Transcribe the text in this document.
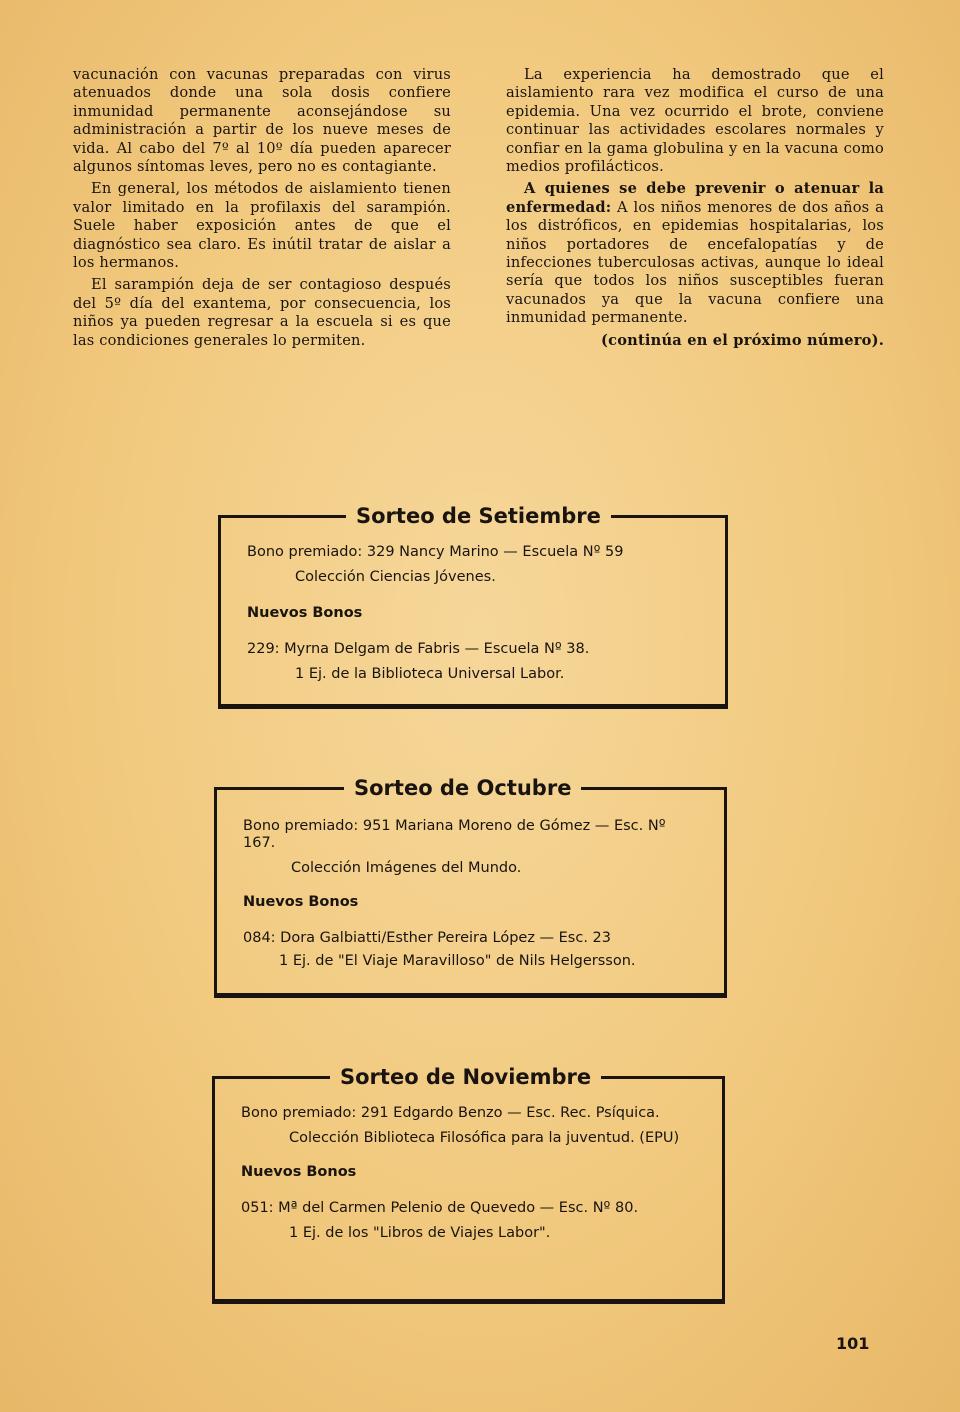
vacunación con vacunas preparadas con virus atenuados donde una sola dosis confiere inmunidad permanente aconsejándose su administración a partir de los nueve meses de vida. Al cabo del 7º al 10º día pueden aparecer algunos síntomas leves, pero no es contagiante.

En general, los métodos de aislamiento tienen valor limitado en la profilaxis del sarampión. Suele haber exposición antes de que el diagnóstico sea claro. Es inútil tratar de aislar a los hermanos.

El sarampión deja de ser contagioso después del 5º día del exantema, por consecuencia, los niños ya pueden regresar a la escuela si es que las condiciones generales lo permiten.

La experiencia ha demostrado que el aislamiento rara vez modifica el curso de una epidemia. Una vez ocurrido el brote, conviene continuar las actividades escolares normales y confiar en la gama globulina y en la vacuna como medios profilácticos.

A quienes se debe prevenir o atenuar la enfermedad: A los niños menores de dos años a los distróficos, en epidemias hospitalarias, los niños portadores de encefalopatías y de infecciones tuberculosas activas, aunque lo ideal sería que todos los niños susceptibles fueran vacunados ya que la vacuna confiere una inmunidad permanente.

(continúa en el próximo número).

Sorteo de Setiembre

Bono premiado: 329 Nancy Marino — Escuela Nº 59

Colección Ciencias Jóvenes.

Nuevos Bonos

229: Myrna Delgam de Fabris — Escuela Nº 38.

1 Ej. de la Biblioteca Universal Labor.

Sorteo de Octubre

Bono premiado: 951 Mariana Moreno de Gómez — Esc. Nº 167.

Colección Imágenes del Mundo.

Nuevos Bonos

084: Dora Galbiatti/Esther Pereira López — Esc. 23

1 Ej. de "El Viaje Maravilloso" de Nils Helgersson.

Sorteo de Noviembre

Bono premiado: 291 Edgardo Benzo — Esc. Rec. Psíquica.

Colección Biblioteca Filosófica para la juventud. (EPU)

Nuevos Bonos

051: Mª del Carmen Pelenio de Quevedo — Esc. Nº 80.

1 Ej. de los "Libros de Viajes Labor".

101
